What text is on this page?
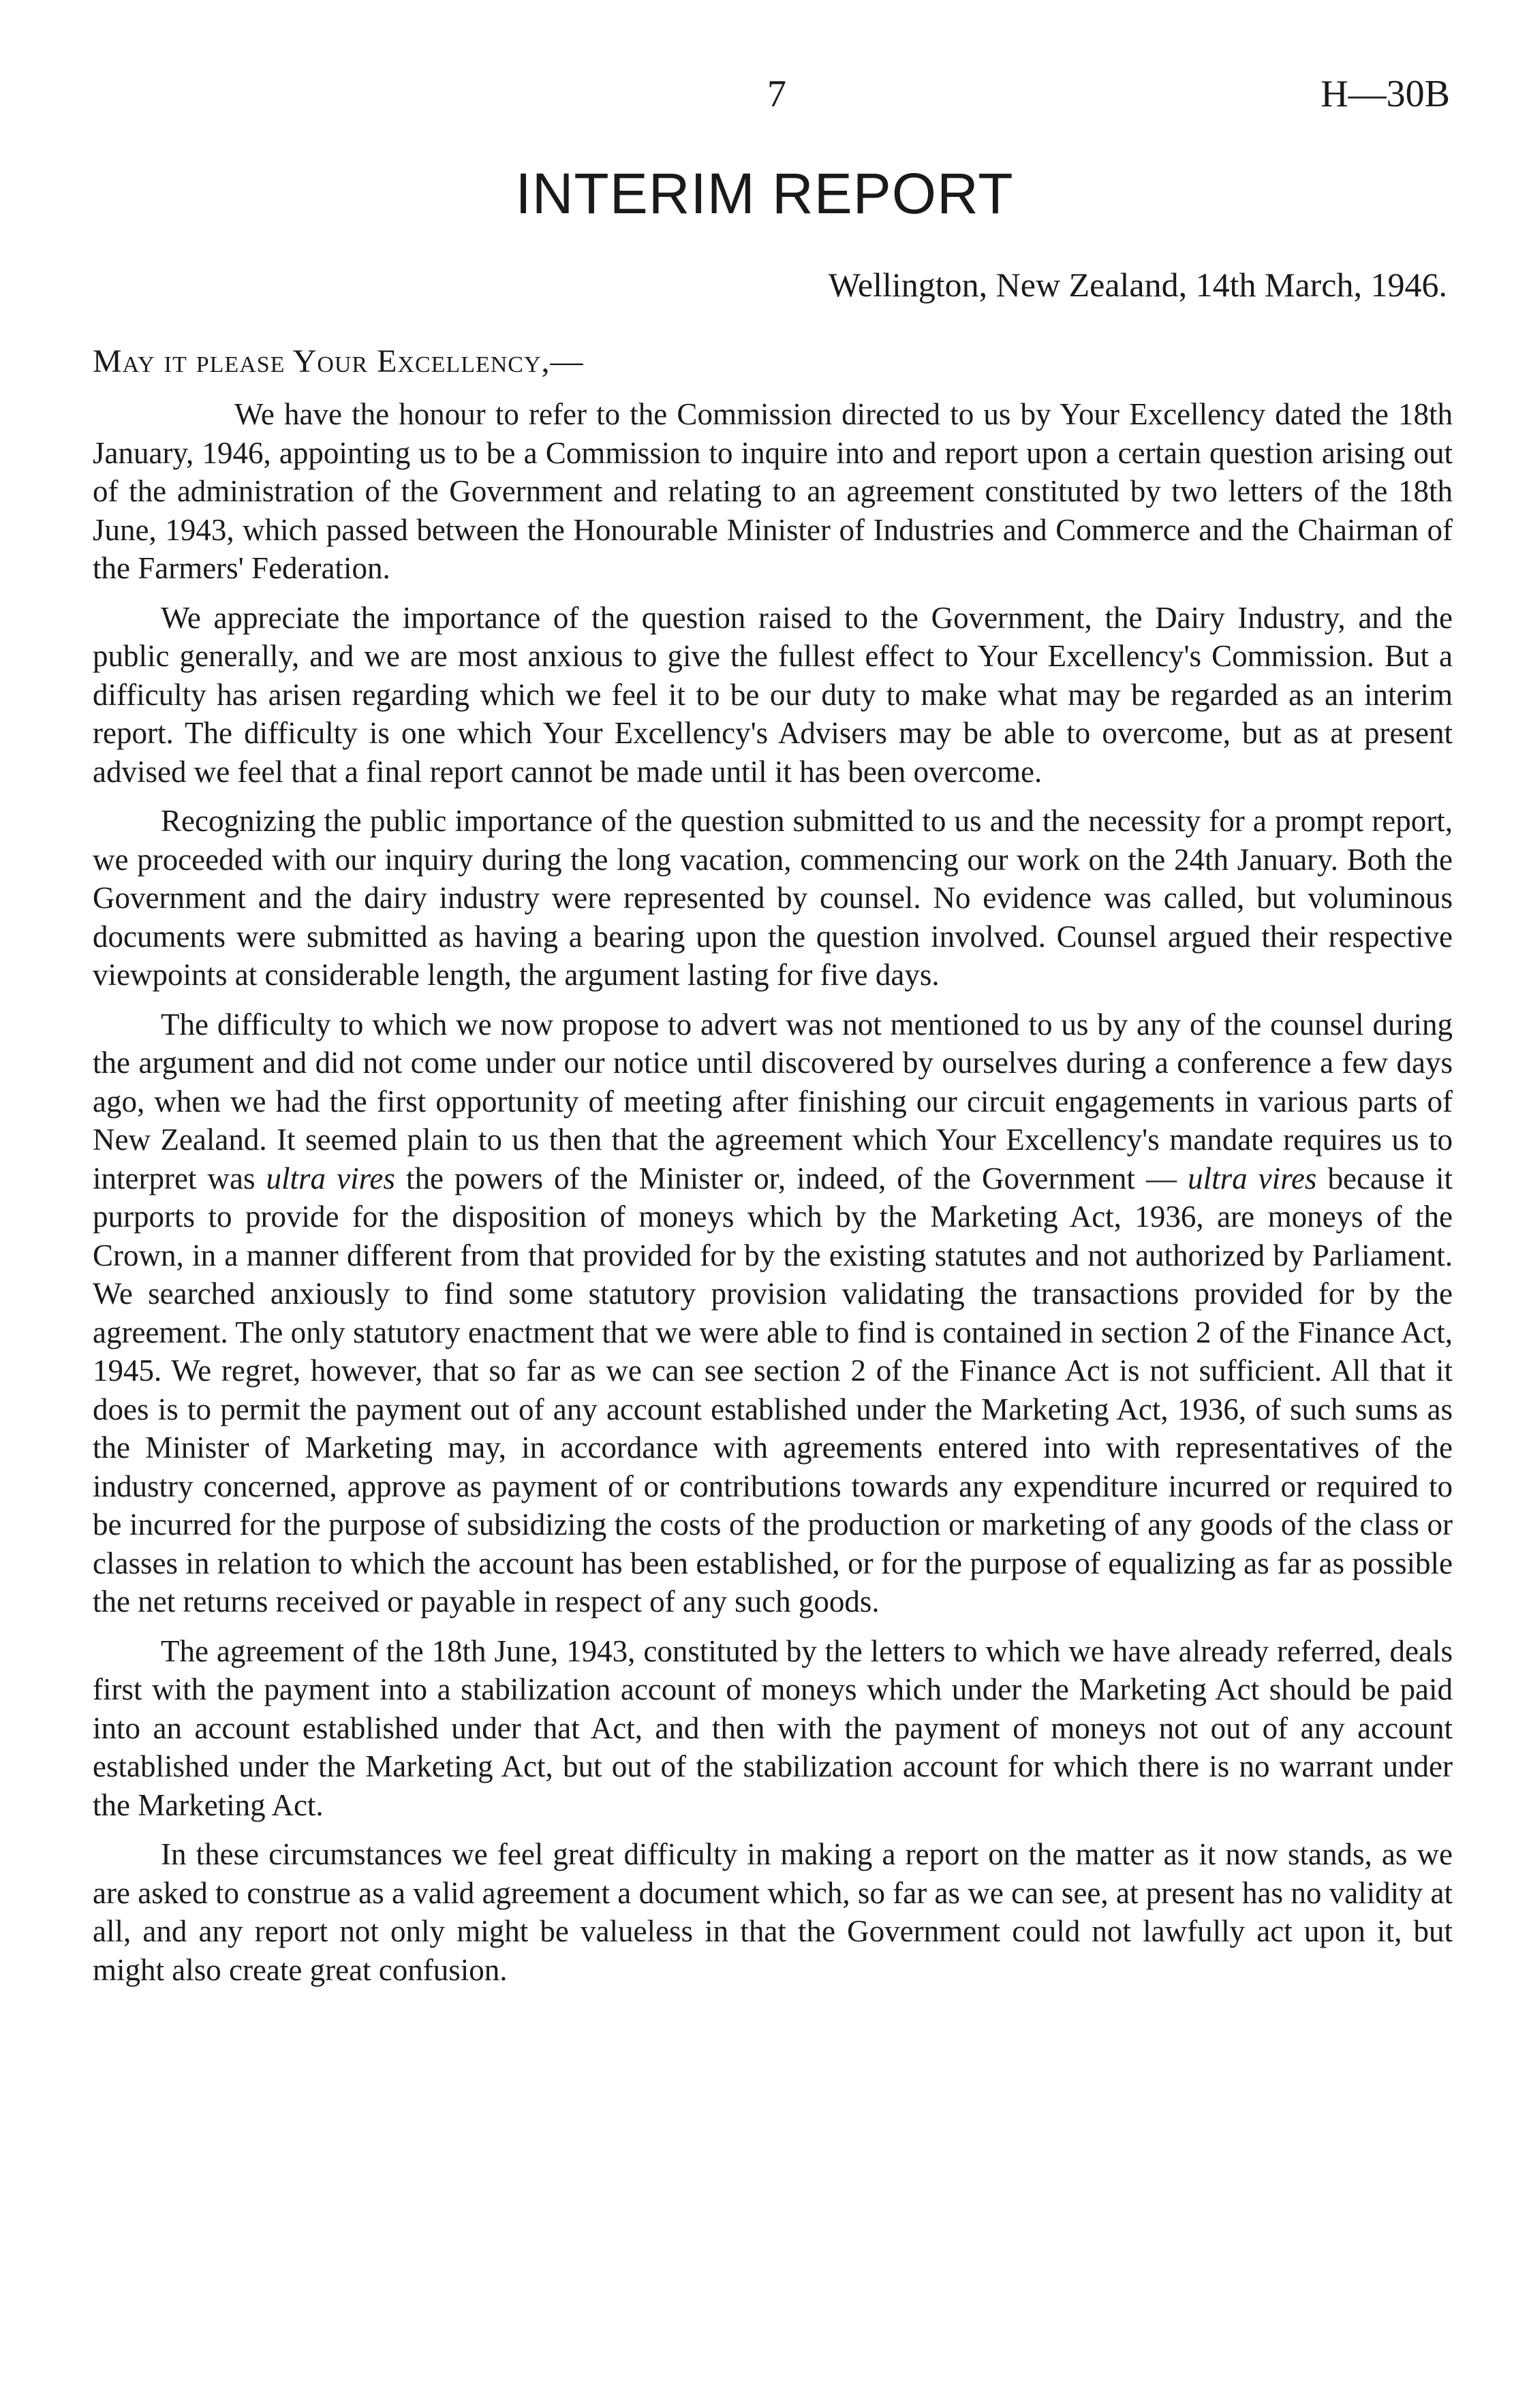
7	H—30B
INTERIM REPORT
Wellington, New Zealand, 14th March, 1946.
May it please Your Excellency,—

We have the honour to refer to the Commission directed to us by Your Excellency dated the 18th January, 1946, appointing us to be a Commission to inquire into and report upon a certain question arising out of the administration of the Government and relating to an agreement constituted by two letters of the 18th June, 1943, which passed between the Honourable Minister of Industries and Commerce and the Chairman of the Farmers' Federation.

We appreciate the importance of the question raised to the Government, the Dairy Industry, and the public generally, and we are most anxious to give the fullest effect to Your Excellency's Commission. But a difficulty has arisen regarding which we feel it to be our duty to make what may be regarded as an interim report. The difficulty is one which Your Excellency's Advisers may be able to overcome, but as at present advised we feel that a final report cannot be made until it has been overcome.

Recognizing the public importance of the question submitted to us and the necessity for a prompt report, we proceeded with our inquiry during the long vacation, commencing our work on the 24th January. Both the Government and the dairy industry were represented by counsel. No evidence was called, but voluminous documents were submitted as having a bearing upon the question involved. Counsel argued their respective viewpoints at considerable length, the argument lasting for five days.

The difficulty to which we now propose to advert was not mentioned to us by any of the counsel during the argument and did not come under our notice until discovered by ourselves during a conference a few days ago, when we had the first opportunity of meeting after finishing our circuit engagements in various parts of New Zealand. It seemed plain to us then that the agreement which Your Excellency's mandate requires us to interpret was ultra vires the powers of the Minister or, indeed, of the Government — ultra vires because it purports to provide for the disposition of moneys which by the Marketing Act, 1936, are moneys of the Crown, in a manner different from that provided for by the existing statutes and not authorized by Parliament. We searched anxiously to find some statutory provision validating the transactions provided for by the agreement. The only statutory enactment that we were able to find is contained in section 2 of the Finance Act, 1945. We regret, however, that so far as we can see section 2 of the Finance Act is not sufficient. All that it does is to permit the payment out of any account established under the Marketing Act, 1936, of such sums as the Minister of Marketing may, in accordance with agreements entered into with representatives of the industry concerned, approve as payment of or contributions towards any expenditure incurred or required to be incurred for the purpose of subsidizing the costs of the production or marketing of any goods of the class or classes in relation to which the account has been established, or for the purpose of equalizing as far as possible the net returns received or payable in respect of any such goods.

The agreement of the 18th June, 1943, constituted by the letters to which we have already referred, deals first with the payment into a stabilization account of moneys which under the Marketing Act should be paid into an account established under that Act, and then with the payment of moneys not out of any account established under the Marketing Act, but out of the stabilization account for which there is no warrant under the Marketing Act.

In these circumstances we feel great difficulty in making a report on the matter as it now stands, as we are asked to construe as a valid agreement a document which, so far as we can see, at present has no validity at all, and any report not only might be valueless in that the Government could not lawfully act upon it, but might also create great confusion.
